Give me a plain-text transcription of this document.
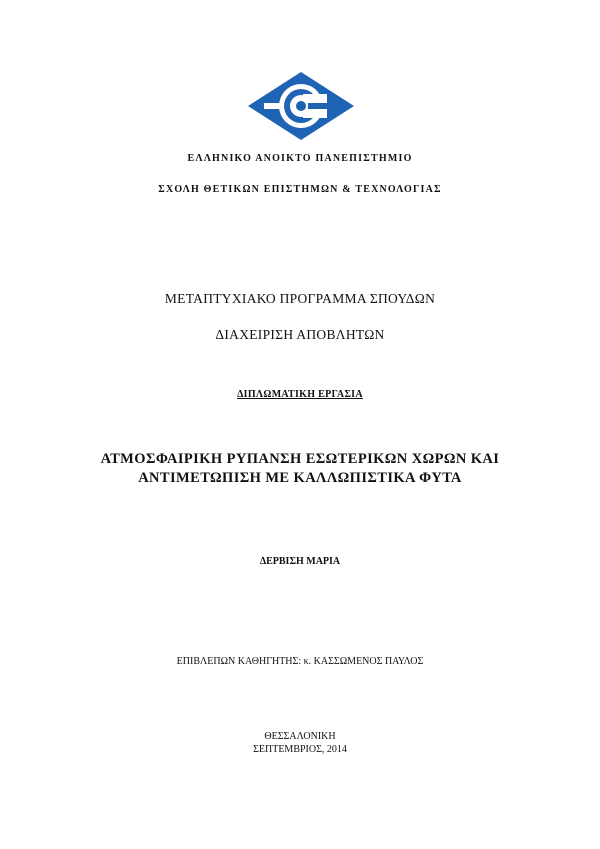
ΕΛΛΗΝΙΚΟ ΑΝΟΙΚΤΟ ΠΑΝΕΠΙΣΤΗΜΙΟ
ΣΧΟΛΗ ΘΕΤΙΚΩΝ ΕΠΙΣΤΗΜΩΝ & ΤΕΧΝΟΛΟΓΙΑΣ
ΜΕΤΑΠΤΥΧΙΑΚΟ ΠΡΟΓΡΑΜΜΑ ΣΠΟΥΔΩΝ
ΔΙΑΧΕΙΡΙΣΗ ΑΠΟΒΛΗΤΩΝ
ΔΙΠΛΩΜΑΤΙΚΗ ΕΡΓΑΣΙΑ
ΑΤΜΟΣΦΑΙΡΙΚΗ ΡΥΠΑΝΣΗ ΕΣΩΤΕΡΙΚΩΝ ΧΩΡΩΝ ΚΑΙ
ΑΝΤΙΜΕΤΩΠΙΣΗ ΜΕ ΚΑΛΛΩΠΙΣΤΙΚΑ ΦΥΤΑ
ΔΕΡΒΙΣΗ ΜΑΡΙΑ
ΕΠΙΒΛΕΠΩΝ ΚΑΘΗΓΗΤΗΣ: κ. ΚΑΣΣΩΜΕΝΟΣ ΠΑΥΛΟΣ
ΘΕΣΣΑΛΟΝΙΚΗ
ΣΕΠΤΕΜΒΡΙΟΣ, 2014
